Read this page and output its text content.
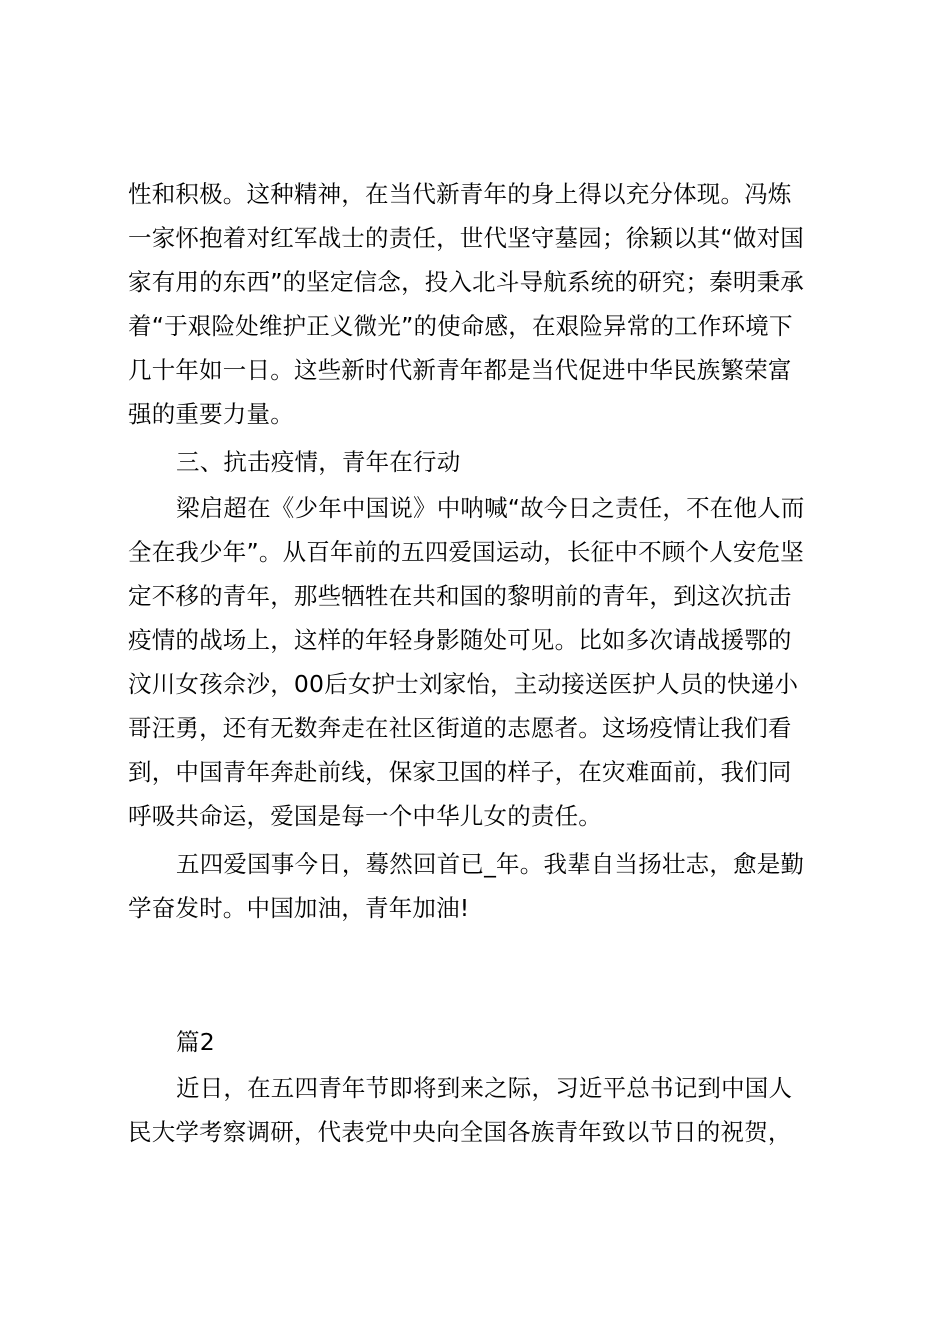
性和积极。这种精神，在当代新青年的身上得以充分体现。冯炼
一家怀抱着对红军战士的责任，世代坚守墓园；徐颖以其“做对国
家有用的东西”的坚定信念，投入北斗导航系统的研究；秦明秉承
着“于艰险处维护正义微光”的使命感，在艰险异常的工作环境下
几十年如一日。这些新时代新青年都是当代促进中华民族繁荣富
强的重要力量。
三、抗击疫情，青年在行动
梁启超在《少年中国说》中呐喊“故今日之责任，不在他人而
全在我少年”。从百年前的五四爱国运动，长征中不顾个人安危坚
定不移的青年，那些牺牲在共和国的黎明前的青年，到这次抗击
疫情的战场上，这样的年轻身影随处可见。比如多次请战援鄂的
汶川女孩佘沙，00后女护士刘家怡，主动接送医护人员的快递小
哥汪勇，还有无数奔走在社区街道的志愿者。这场疫情让我们看
到，中国青年奔赴前线，保家卫国的样子，在灾难面前，我们同
呼吸共命运，爱国是每一个中华儿女的责任。
五四爱国事今日，蓦然回首已_年。我辈自当扬壮志，愈是勤
学奋发时。中国加油，青年加油!
篇2
近日，在五四青年节即将到来之际，习近平总书记到中国人
民大学考察调研，代表党中央向全国各族青年致以节日的祝贺，
